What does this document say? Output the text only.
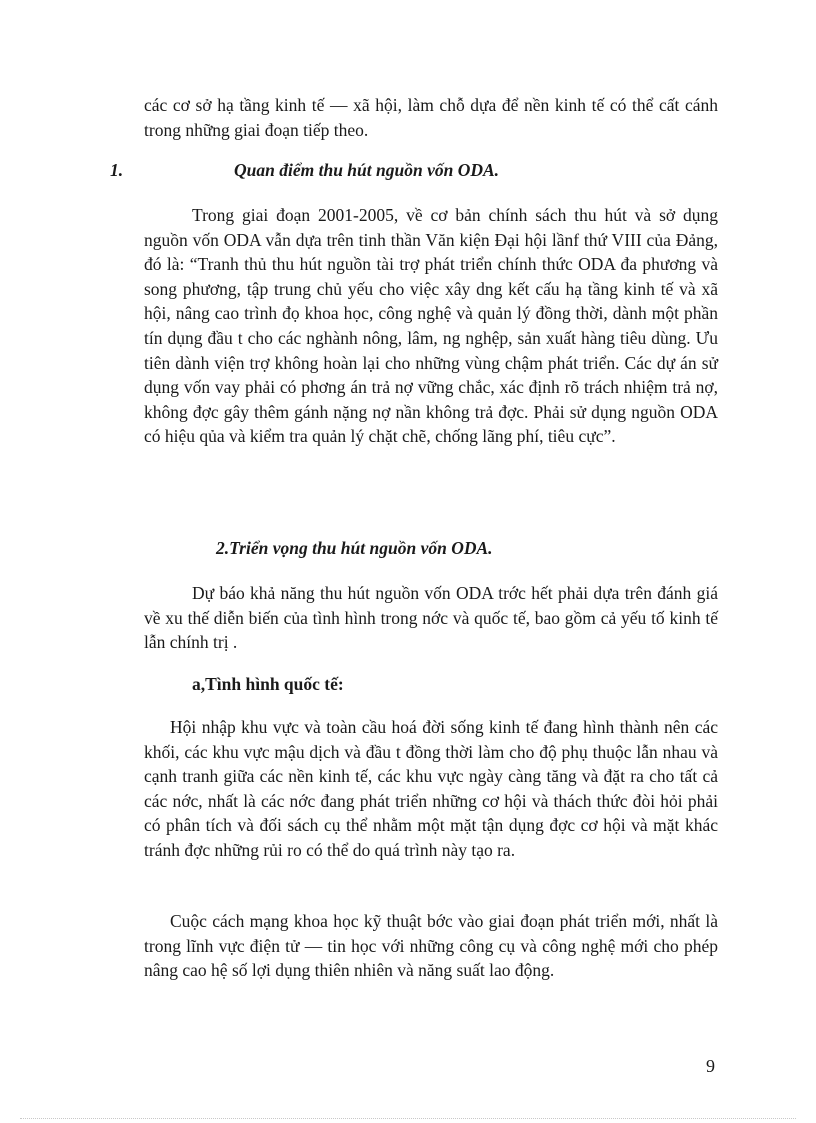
các cơ sở hạ tầng kinh tế — xã hội, làm chỗ dựa để nền kinh tế có thể cất cánh trong những giai đoạn tiếp theo.

1.	Quan điểm thu hút nguồn vốn ODA.

Trong giai đoạn 2001-2005, về cơ bản chính sách thu hút và sở dụng nguồn vốn ODA vẫn dựa trên tinh thần Văn kiện Đại hội lầnf thứ VIII của Đảng, đó là: “Tranh thủ thu hút nguồn tài trợ phát triển chính thức ODA đa phương và song phương, tập trung chủ yếu cho việc xây dng kết cấu hạ tầng kinh tế và xã hội, nâng cao trình đọ khoa học, công nghệ và quản lý đồng thời, dành một phần tín dụng đầu t cho các nghành nông, lâm, ng nghệp, sản xuất hàng tiêu dùng. Ưu tiên dành viện trợ không hoàn lại cho những vùng chậm phát triển. Các dự án sử dụng vốn vay phải có phơng án trả nợ vững chắc, xác định rõ trách nhiệm trả nợ, không đợc gây thêm gánh nặng nợ nần không trả đợc. Phải sử dụng nguồn ODA có hiệu qủa và kiểm tra quản lý chặt chẽ, chống lãng phí, tiêu cực”.

2.Triển vọng thu hút nguồn vốn ODA.

Dự báo khả năng thu hút nguồn vốn ODA trớc hết phải dựa trên đánh giá về xu thế diễn biến của tình hình trong nớc và quốc tế, bao gồm cả yếu tố kinh tế lẫn chính trị .

a,Tình hình quốc tế:

Hội nhập khu vực và toàn cầu hoá đời sống kinh tế đang hình thành nên các khối, các khu vực mậu dịch và đầu t đồng thời làm cho độ phụ thuộc lẫn nhau và cạnh tranh giữa các nền kinh tế, các khu vực ngày càng tăng và đặt ra cho tất cả các nớc, nhất là các nớc đang phát triển những cơ hội và thách thức đòi hỏi phải có phân tích và đối sách cụ thể nhằm một mặt tận dụng đợc cơ hội và mặt khác tránh đợc những rủi ro có thể do quá trình này tạo ra.

Cuộc cách mạng khoa học kỹ thuật bớc vào giai đoạn phát triển mới, nhất là trong lĩnh vực điện tử — tin học với những công cụ và công nghệ mới cho phép nâng cao hệ số lợi dụng thiên nhiên và năng suất lao động.

9
